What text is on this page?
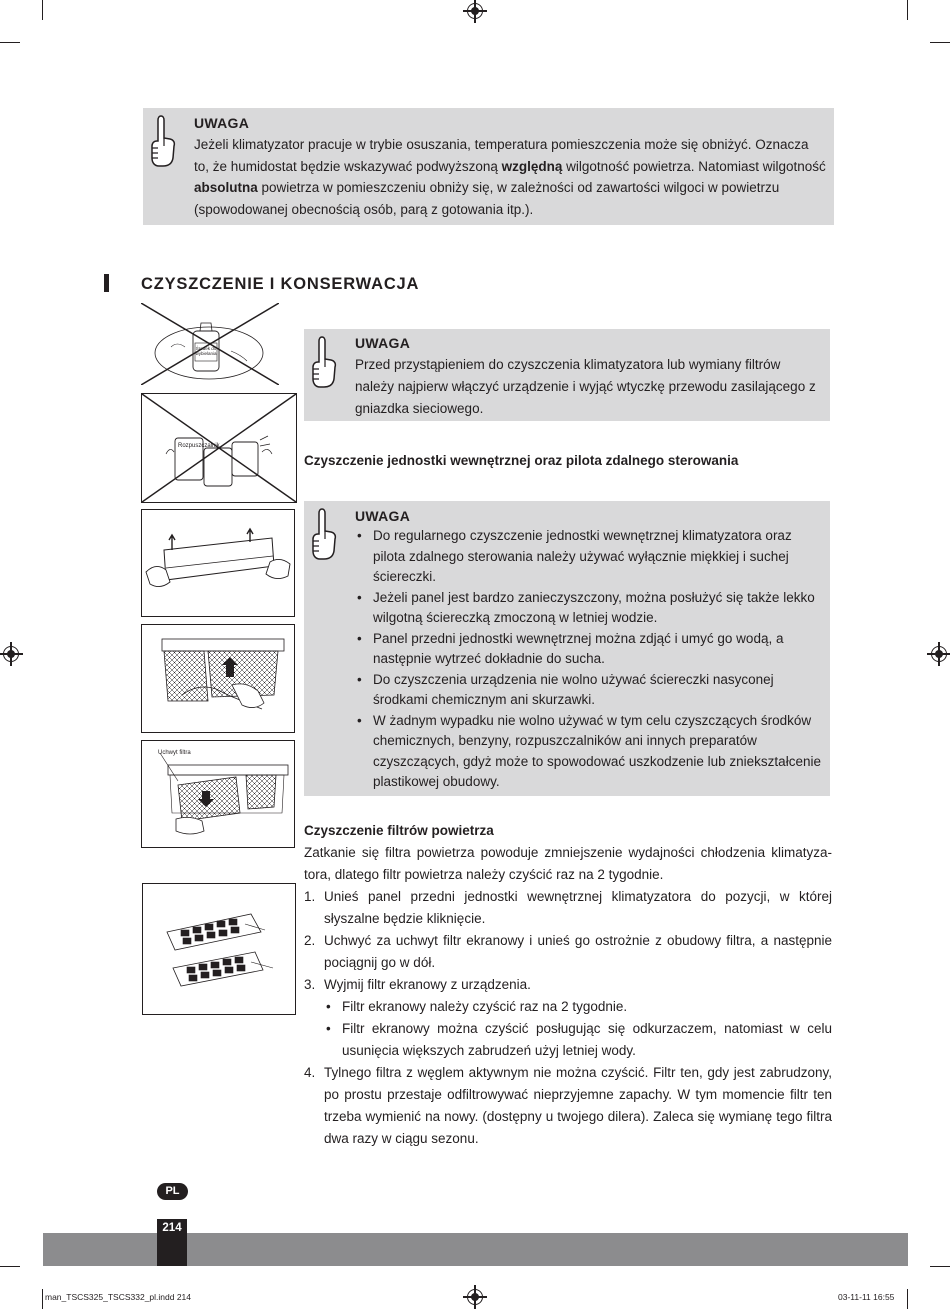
UWAGA

Jeżeli klimatyzator pracuje w trybie osuszania, temperatura pomieszczenia może się obniżyć. Oznacza to, że humidostat będzie wskazywać podwyższoną względną wilgotność powietrza. Natomiast wilgotność absolutna powietrza w pomieszczeniu obniży się, w zależności od zawartości wilgoci w powietrzu (spowodowanej obecnością osób, parą z gotowania itp.).

CZYSZCZENIE I KONSERWACJA
Środek do wybielania
Rozpuszczalnik
Uchwyt filtra
UWAGA

Przed przystąpieniem do czyszczenia klimatyzatora lub wymiany filtrów należy najpierw włączyć urządzenie i wyjąć wtyczkę przewodu zasilającego z gniazdka sieciowego.

Czyszczenie jednostki wewnętrznej oraz pilota zdalnego sterowania
UWAGA
• Do regularnego czyszczenie jednostki wewnętrznej klimatyzatora oraz pilota zdalnego sterowania należy używać wyłącznie miękkiej i suchej ściereczki.
• Jeżeli panel jest bardzo zanieczyszczony, można posłużyć się także lekko wilgotną ściereczką zmoczoną w letniej wodzie.
• Panel przedni jednostki wewnętrznej można zdjąć i umyć go wodą, a następnie wytrzeć dokładnie do sucha.
• Do czyszczenia urządzenia nie wolno używać ściereczki nasyconej środkami chemicznym ani skurzawki.
• W żadnym wypadku nie wolno używać w tym celu czyszczących środków chemicznych, benzyny, rozpuszczalników ani innych preparatów czyszczących, gdyż może to spowodować uszkodzenie lub zniekształcenie plastikowej obudowy.
Czyszczenie filtrów powietrza
Zatkanie się filtra powietrza powoduje zmniejszenie wydajności chłodzenia klimatyza-tora, dlatego filtr powietrza należy czyścić raz na 2 tygodnie.
1. Unieś panel przedni jednostki wewnętrznej klimatyzatora do pozycji, w której słyszalne będzie kliknięcie.
2. Uchwyć za uchwyt filtr ekranowy i unieś go ostrożnie z obudowy filtra, a następnie pociągnij go w dół.
3. Wyjmij filtr ekranowy z urządzenia.
• Filtr ekranowy należy czyścić raz na 2 tygodnie.
• Filtr ekranowy można czyścić posługując się odkurzaczem, natomiast w celu usunięcia większych zabrudzeń użyj letniej wody.
4. Tylnego filtra z węglem aktywnym nie można czyścić. Filtr ten, gdy jest zabrudzony, po prostu przestaje odfiltrowywać nieprzyjemne zapachy. W tym momencie filtr ten trzeba wymienić na nowy. (dostępny u twojego dilera). Zaleca się wymianę tego filtra dwa razy w ciągu sezonu.
PL
214
man_TSCS325_TSCS332_pl.indd 214	03-11-11 16:55
